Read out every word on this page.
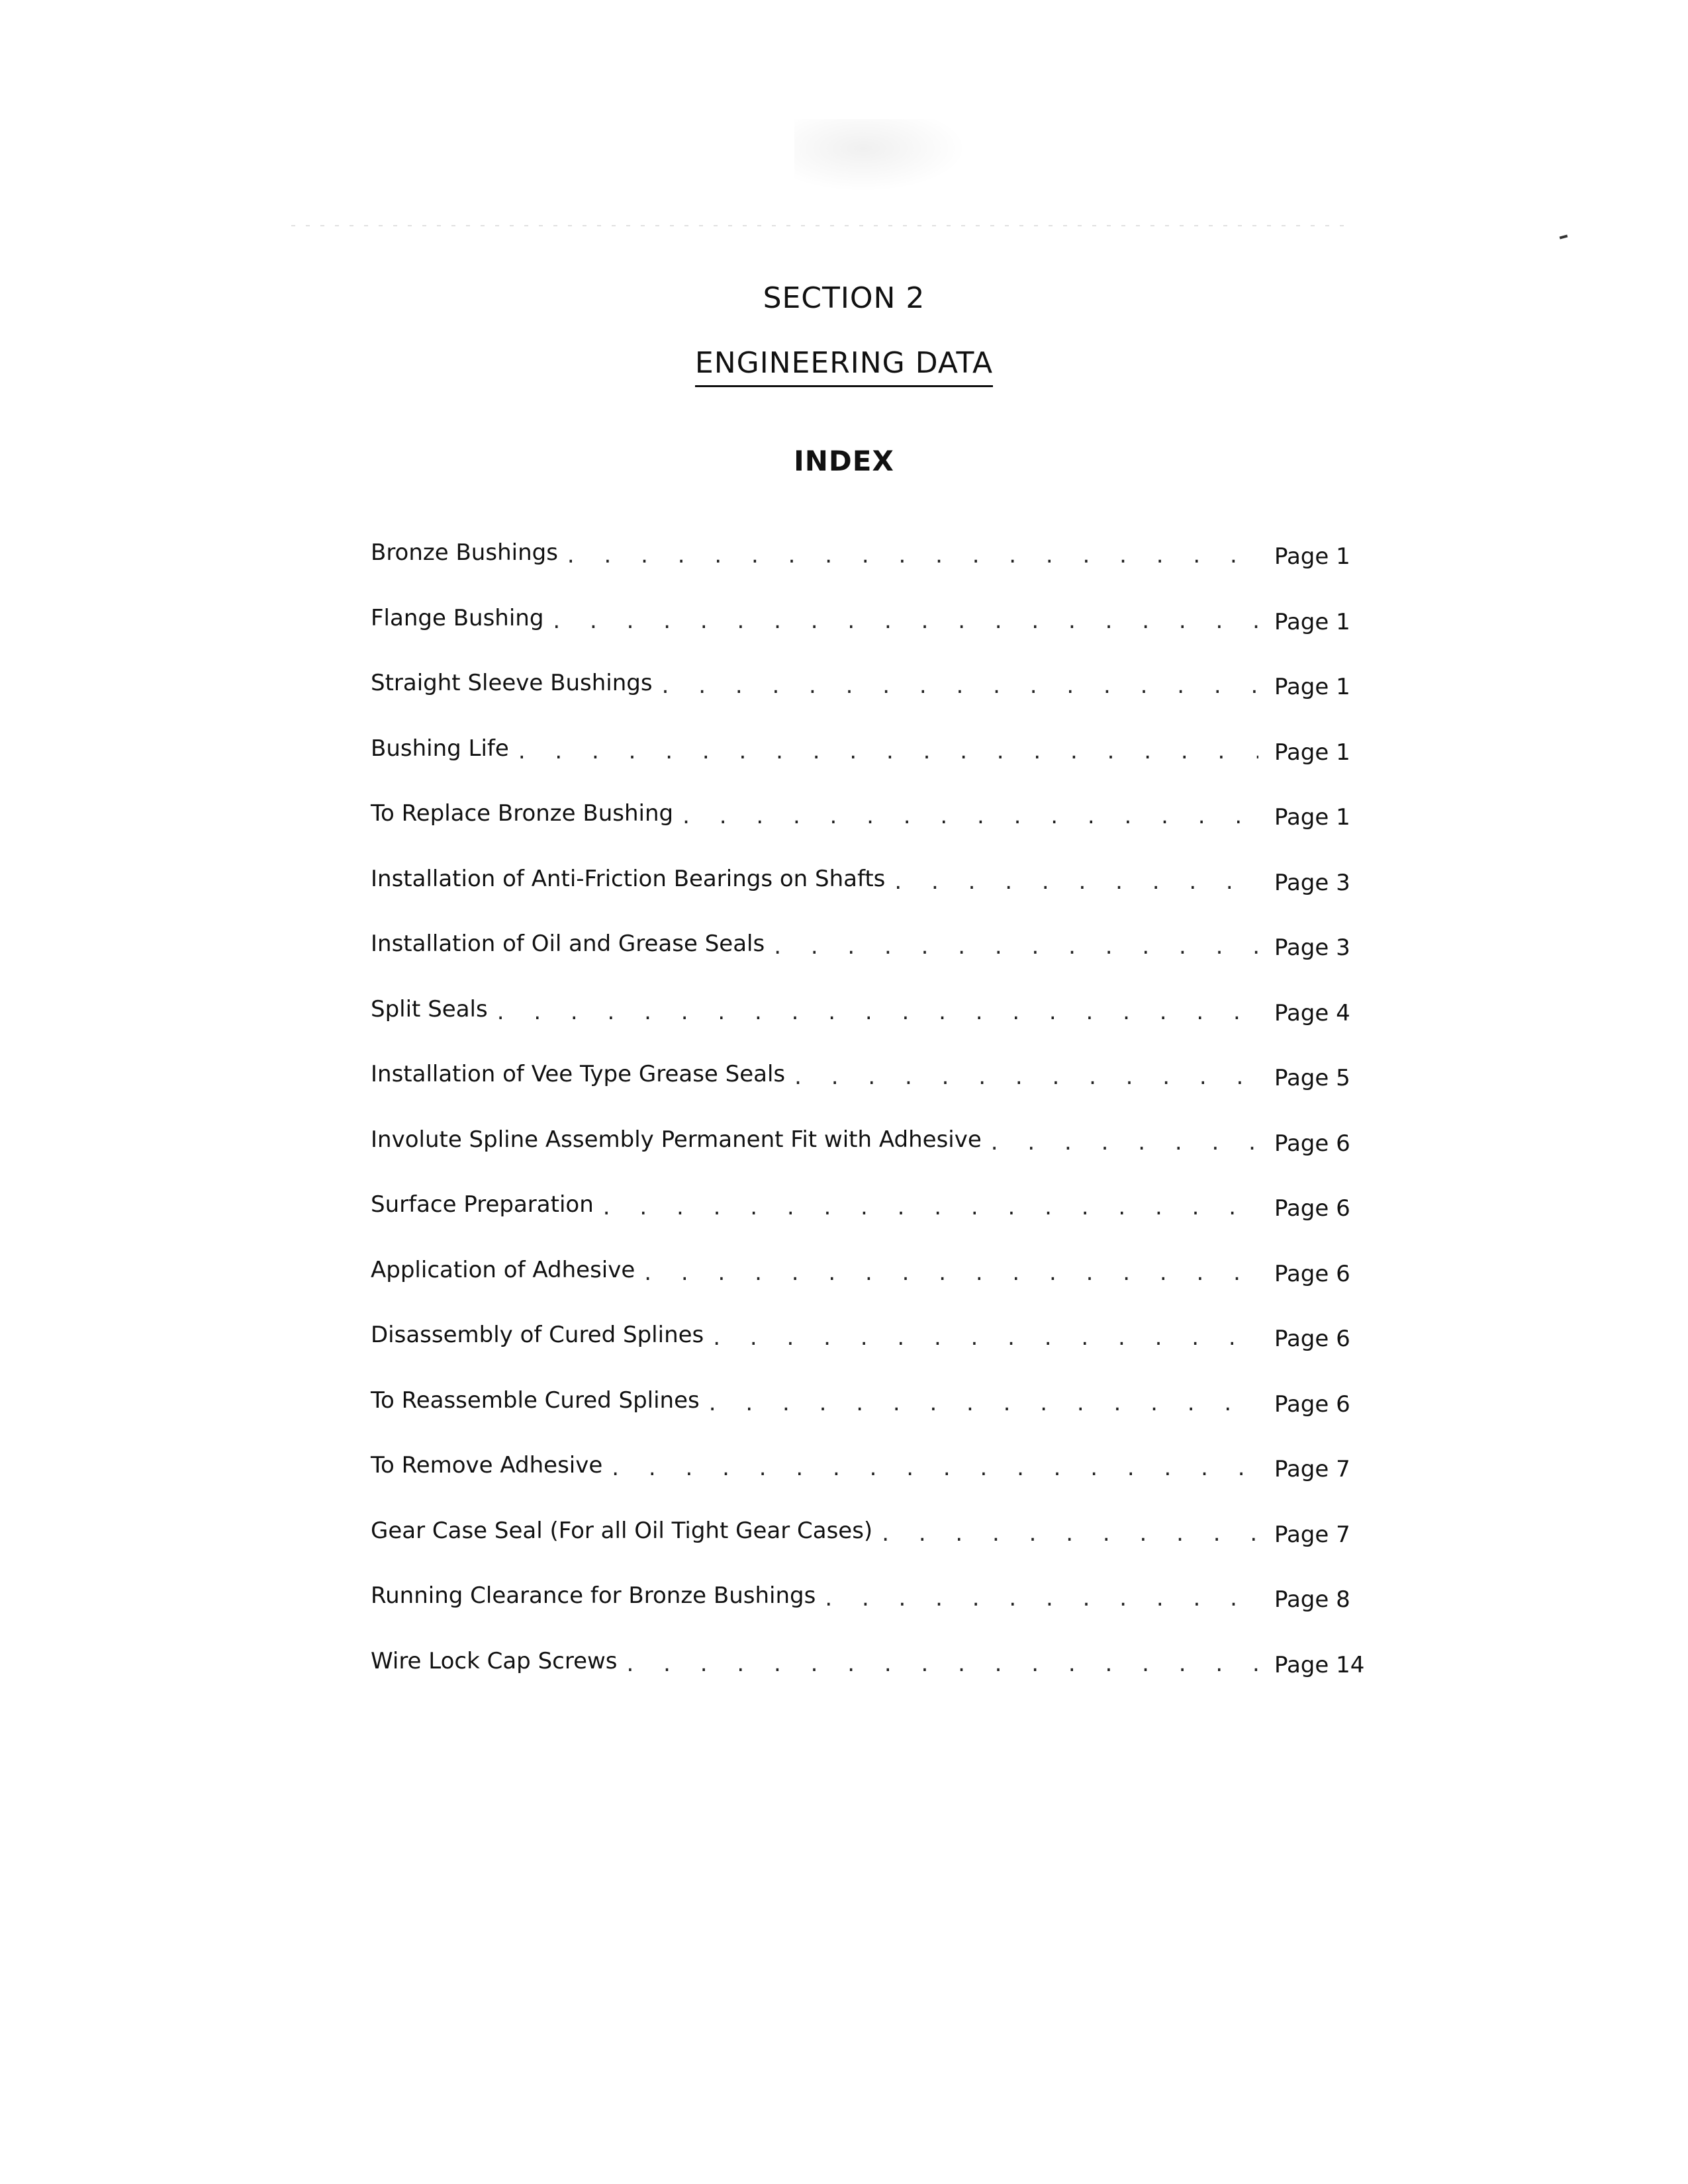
SECTION 2
ENGINEERING DATA
INDEX
Bronze Bushings . . .	Page 1
Flange Bushing . . .	Page 1
Straight Sleeve Bushings . . .	Page 1
Bushing Life . . .	Page 1
To Replace Bronze Bushing . . .	Page 1
Installation of Anti-Friction Bearings on Shafts . . .	Page 3
Installation of Oil and Grease Seals . . .	Page 3
Split Seals . . .	Page 4
Installation of Vee Type Grease Seals . . .	Page 5
Involute Spline Assembly Permanent Fit with Adhesive . . .	Page 6
Surface Preparation . . .	Page 6
Application of Adhesive . . .	Page 6
Disassembly of Cured Splines . . .	Page 6
To Reassemble Cured Splines . . .	Page 6
To Remove Adhesive . . .	Page 7
Gear Case Seal (For all Oil Tight Gear Cases) . . .	Page 7
Running Clearance for Bronze Bushings . . .	Page 8
Wire Lock Cap Screws . . .	Page 14
